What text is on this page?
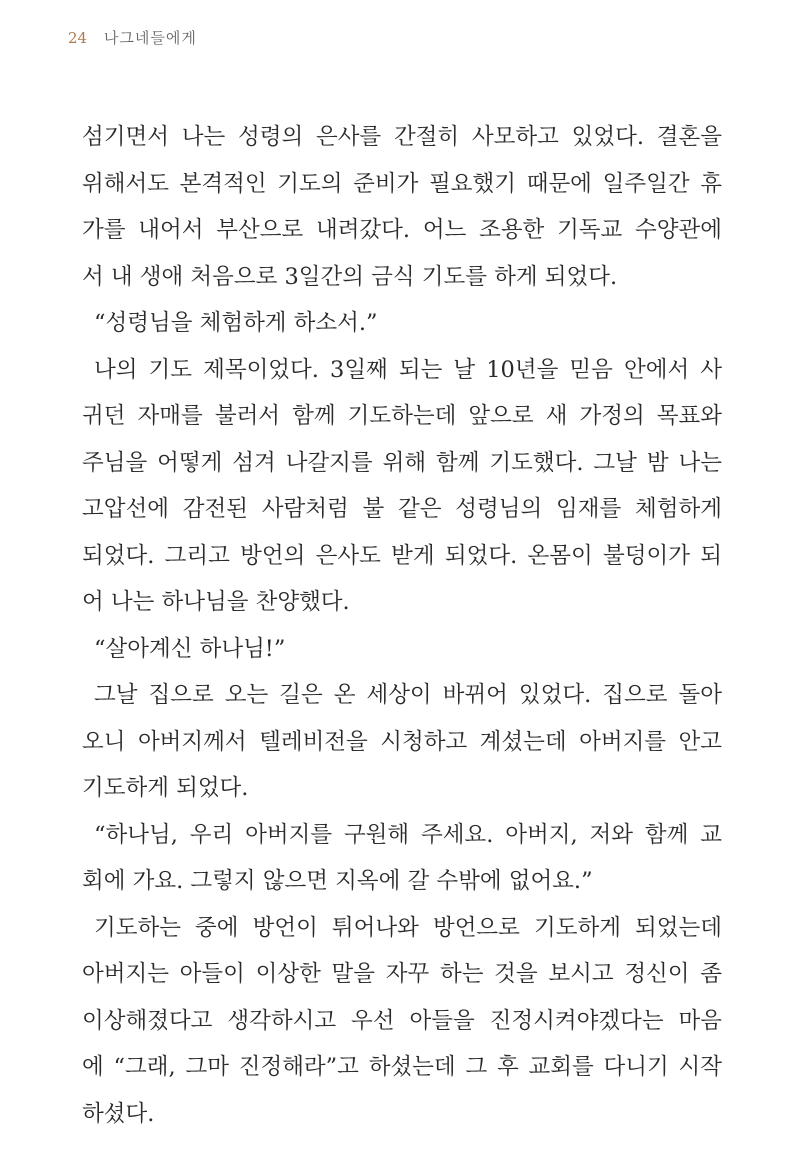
24 나그네들에게
섬기면서 나는 성령의 은사를 간절히 사모하고 있었다. 결혼을
위해서도 본격적인 기도의 준비가 필요했기 때문에 일주일간 휴
가를 내어서 부산으로 내려갔다. 어느 조용한 기독교 수양관에
서 내 생애 처음으로 3일간의 금식 기도를 하게 되었다.
“성령님을 체험하게 하소서.”
나의 기도 제목이었다. 3일째 되는 날 10년을 믿음 안에서 사
귀던 자매를 불러서 함께 기도하는데 앞으로 새 가정의 목표와
주님을 어떻게 섬겨 나갈지를 위해 함께 기도했다. 그날 밤 나는
고압선에 감전된 사람처럼 불 같은 성령님의 임재를 체험하게
되었다. 그리고 방언의 은사도 받게 되었다. 온몸이 불덩이가 되
어 나는 하나님을 찬양했다.
“살아계신 하나님!”
그날 집으로 오는 길은 온 세상이 바뀌어 있었다. 집으로 돌아
오니 아버지께서 텔레비전을 시청하고 계셨는데 아버지를 안고
기도하게 되었다.
“하나님, 우리 아버지를 구원해 주세요. 아버지, 저와 함께 교
회에 가요. 그렇지 않으면 지옥에 갈 수밖에 없어요.”
기도하는 중에 방언이 튀어나와 방언으로 기도하게 되었는데
아버지는 아들이 이상한 말을 자꾸 하는 것을 보시고 정신이 좀
이상해졌다고 생각하시고 우선 아들을 진정시켜야겠다는 마음
에 “그래, 그마 진정해라”고 하셨는데 그 후 교회를 다니기 시작
하셨다.
